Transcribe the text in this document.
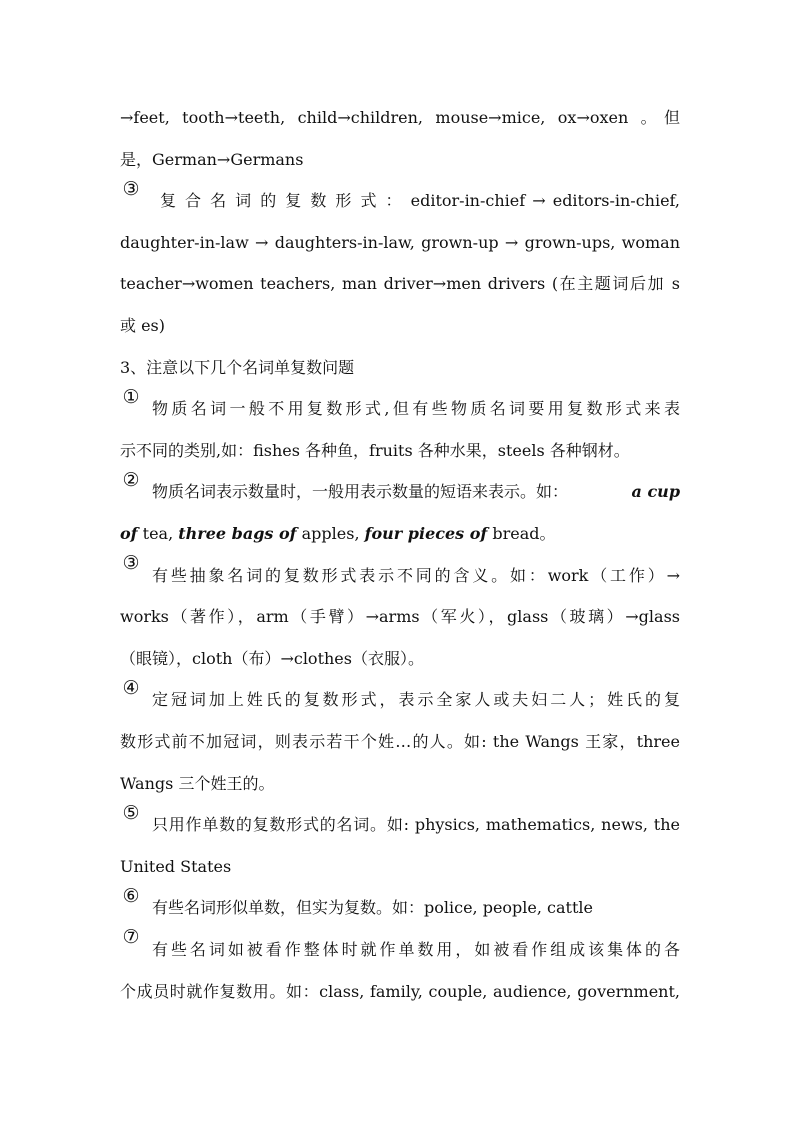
→feet, tooth→teeth, child→children, mouse→mice, ox→oxen 。但
是，German→Germans
③
复 合 名 词 的 复 数 形 式 ： editor-in-chief → editors-in-chief,
daughter-in-law → daughters-in-law, grown-up → grown-ups, woman
teacher→women teachers, man driver→men drivers (在主题词后加 s
或 es)
3、注意以下几个名词单复数问题
①
物质名词一般不用复数形式,但有些物质名词要用复数形式来表
示不同的类别,如：fishes 各种鱼，fruits 各种水果，steels 各种钢材。
②
物质名词表示数量时，一般用表示数量的短语来表示。如：	a cup
of tea, three bags of apples, four pieces of bread。
③
有些抽象名词的复数形式表示不同的含义。如：work（工作）→
works（著作），arm（手臂）→arms（军火），glass（玻璃）→glass
（眼镜），cloth（布）→clothes（衣服）。
④
定冠词加上姓氏的复数形式，表示全家人或夫妇二人；姓氏的复
数形式前不加冠词，则表示若干个姓…的人。如: the Wangs 王家，three
Wangs 三个姓王的。
⑤
只用作单数的复数形式的名词。如: physics, mathematics, news, the
United States
⑥
有些名词形似单数，但实为复数。如：police, people, cattle
⑦
有些名词如被看作整体时就作单数用，如被看作组成该集体的各
个成员时就作复数用。如：class, family, couple, audience, government,
